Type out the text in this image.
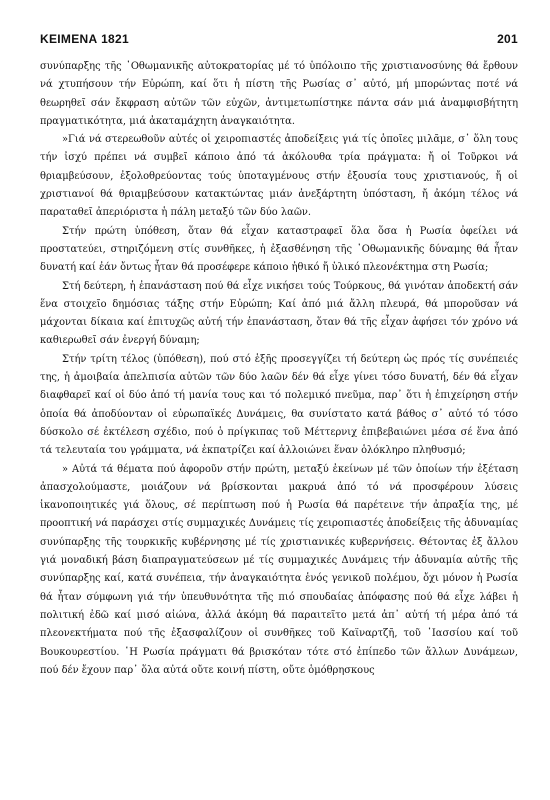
ΚΕΙΜΕΝΑ 1821	201

συνύπαρξης τῆς ᾿Οθωμανικῆς αὐτοκρατορίας μέ τό ὑπόλοιπο τῆς χριστιανοσύνης θά ἔρθουν νά χτυπήσουν τήν Εὐρώπη, καί ὅτι ἡ πίστη τῆς Ρωσίας σ᾿ αὐτό, μή μπορώντας ποτέ νά θεωρηθεῖ σάν ἔκφραση αὐτῶν τῶν εὐχῶν, ἀντιμετωπίστηκε πάντα σάν μιά ἀναμφισβήτητη πραγματικότητα, μιά ἀκαταμάχητη ἀναγκαιότητα.

»Γιά νά στερεωθοῦν αὐτές οἱ χειροπιαστές ἀποδείξεις γιά τίς ὁποῖες μιλᾶμε, σ᾿ ὅλη τους τήν ἰσχύ πρέπει νά συμβεῖ κάποιο ἀπό τά ἀκόλουθα τρία πράγματα: ἤ οἱ Τοῦρκοι νά θριαμβεύσουν, ἐξολοθρεύοντας τούς ὑποταγμένους στήν ἐξουσία τους χριστιανούς, ἤ οἱ χριστιανοί θά θριαμβεύσουν κατακτώντας μιάν ἀνεξάρτητη ὑπόσταση, ἤ ἀκόμη τέλος νά παραταθεῖ ἀπεριόριστα ἡ πάλη μεταξύ τῶν δύο λαῶν.

Στήν πρώτη ὑπόθεση, ὅταν θά εἶχαν καταστραφεῖ ὅλα ὅσα ἡ Ρωσία ὀφείλει νά προστατεύει, στηριζόμενη στίς συνθῆκες, ἡ ἐξασθένηση τῆς ᾿Οθωμανικῆς δύναμης θά ἦταν δυνατή καί ἐάν ὄντως ἦταν θά προσέφερε κάποιο ἠθικό ἤ ὑλικό πλεονέκτημα στη Ρωσία;

Στή δεύτερη, ἡ ἐπανάσταση πού θά εἶχε νικήσει τούς Τούρκους, θά γινόταν ἀποδεκτή σάν ἕνα στοιχεῖο δημόσιας τάξης στήν Εὐρώπη; Καί ἀπό μιά ἄλλη πλευρά, θά μποροῦσαν νά μάχονται δίκαια καί ἐπιτυχῶς αὐτή τήν ἐπανάσταση, ὅταν θά τῆς εἶχαν ἀφήσει τόν χρόνο νά καθιερωθεῖ σάν ἐνεργή δύναμη;

Στήν τρίτη τέλος (ὑπόθεση), πού στό ἑξῆς προσεγγίζει τή δεύτερη ὡς πρός τίς συνέπειές της, ἡ ἀμοιβαία ἀπελπισία αὐτῶν τῶν δύο λαῶν δέν θά εἶχε γίνει τόσο δυνατή, δέν θά εἶχαν διαφθαρεῖ καί οἱ δύο ἀπό τή μανία τους και τό πολεμικό πνεῦμα, παρ᾿ ὅτι ἡ ἐπιχείρηση στήν ὁποία θά ἀποδύονταν οἱ εὐρωπαϊκές Δυνάμεις, θα συνίστατο κατά βάθος σ᾿ αὐτό τό τόσο δύσκολο σέ ἐκτέλεση σχέδιο, πού ὁ πρίγκιπας τοῦ Μέττερνιχ ἐπιβεβαιώνει μέσα σέ ἕνα ἀπό τά τελευταία του γράμματα, νά ἐκπατρίζει καί ἀλλοιώνει ἕναν ὁλόκληρο πληθυσμό;

» Αὐτά τά θέματα πού ἀφοροῦν στήν πρώτη, μεταξύ ἐκείνων μέ τῶν ὁποίων τήν ἐξέταση ἀπασχολούμαστε, μοιάζουν νά βρίσκονται μακρυά ἀπό τό νά προσφέρουν λύσεις ἱκανοποιητικές γιά ὅλους, σέ περίπτωση πού ἡ Ρωσία θά παρέτεινε τήν ἀπραξία της, μέ προοπτική νά παράσχει στίς συμμαχικές Δυνάμεις τίς χειροπιαστές ἀποδείξεις τῆς ἀδυναμίας συνύπαρξης τῆς τουρκικῆς κυβέρνησης μέ τίς χριστιανικές κυβερνήσεις. Θέτοντας ἐξ ἄλλου γιά μοναδική βάση διαπραγματεύσεων μέ τίς συμμαχικές Δυνάμεις τήν ἀδυναμία αὐτῆς τῆς συνύπαρξης καί, κατά συνέπεια, τήν ἀναγκαιότητα ἑνός γενικοῦ πολέμου, ὄχι μόνον ἡ Ρωσία θά ἦταν σύμφωνη γιά τήν ὑπευθυνότητα τῆς πιό σπουδαίας ἀπόφασης πού θά εἶχε λάβει ἡ πολιτική ἐδῶ καί μισό αἰώνα, ἀλλά ἀκόμη θά παραιτεῖτο μετά ἀπ᾿ αὐτή τή μέρα ἀπό τά πλεονεκτήματα πού τῆς ἐξασφαλίζουν οἱ συνθῆκες τοῦ Καϊναρτζῆ, τοῦ ᾿Ιασσίου καί τοῦ Βουκουρεστίου. ῾Η Ρωσία πράγματι θά βρισκόταν τότε στό ἐπίπεδο τῶν ἄλλων Δυνάμεων, πού δέν ἔχουν παρ᾿ ὅλα αὐτά οὔτε κοινή πίστη, οὔτε ὁμόθρησκους
